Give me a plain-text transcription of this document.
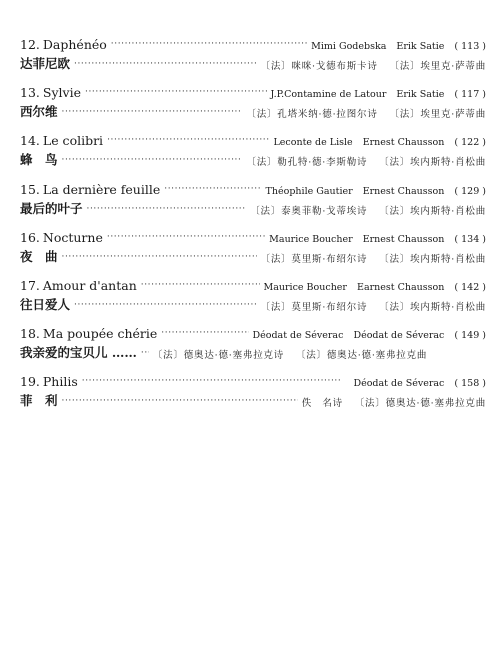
12. Daphénéo ·····	Mimi Godebska Erik Satie ( 113 )
达菲尼欧 ·····	〔法〕咪咪·戈德布斯卡诗 〔法〕埃里克·萨蒂曲
13. Sylvie ·····	J.P.Contamine de Latour Erik Satie ( 117 )
西尔维 ·····	〔法〕孔塔米纳·德·拉图尔诗 〔法〕埃里克·萨蒂曲
14. Le colibri ·····	Leconte de Lisle Ernest Chausson ( 122 )
蜂　鸟 ·····	〔法〕勒孔特·德·李斯勒诗 〔法〕埃内斯特·肖松曲
15. La dernière feuille ·····	Théophile Gautier Ernest Chausson ( 129 )
最后的叶子 ·····	〔法〕泰奥菲勒·戈蒂埃诗 〔法〕埃内斯特·肖松曲
16. Nocturne ·····	Maurice Boucher Ernest Chausson ( 134 )
夜　曲 ·····	〔法〕莫里斯·布绍尔诗 〔法〕埃内斯特·肖松曲
17. Amour d'antan ·····	Maurice Boucher Earnest Chausson ( 142 )
往日爱人 ·····	〔法〕莫里斯·布绍尔诗 〔法〕埃内斯特·肖松曲
18. Ma poupée chérie ·····	Déodat de Séverac Déodat de Séverac ( 149 )
我亲爱的宝贝儿 …… ····· 〔法〕德奥达·德·塞弗拉克诗 〔法〕德奥达·德·塞弗拉克曲
19. Philis ·····	Déodat de Séverac ( 158 )
菲　利 ·····	佚　名诗 〔法〕德奥达·德·塞弗拉克曲
